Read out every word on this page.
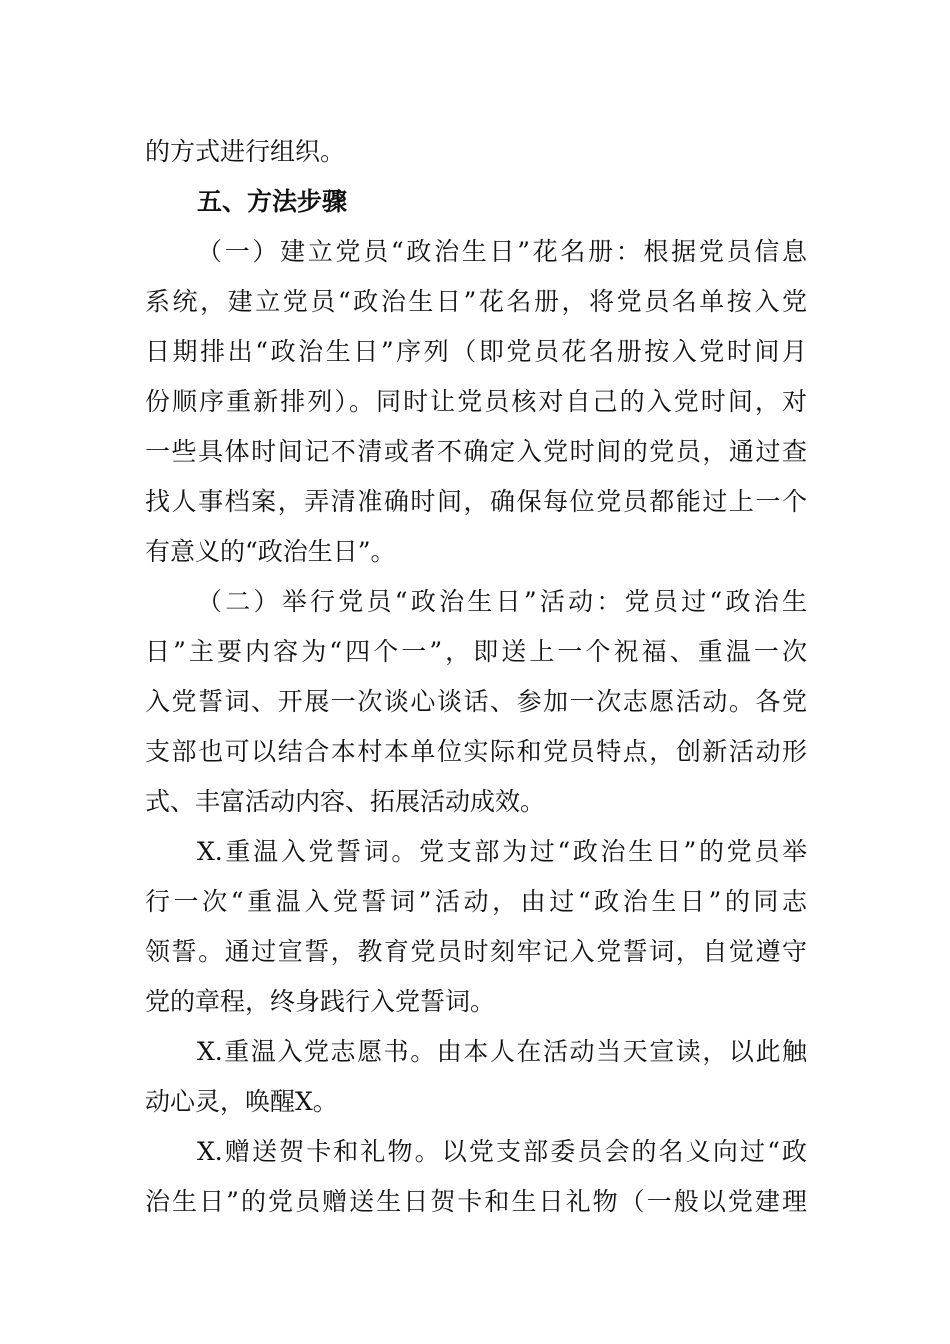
的方式进行组织。
五、方法步骤
（一）建立党员“政治生日”花名册：根据党员信息
系统，建立党员“政治生日”花名册，将党员名单按入党
日期排出“政治生日”序列（即党员花名册按入党时间月
份顺序重新排列）。同时让党员核对自己的入党时间，对
一些具体时间记不清或者不确定入党时间的党员，通过查
找人事档案，弄清准确时间，确保每位党员都能过上一个
有意义的“政治生日”。
（二）举行党员“政治生日”活动：党员过“政治生
日”主要内容为“四个一”，即送上一个祝福、重温一次
入党誓词、开展一次谈心谈话、参加一次志愿活动。各党
支部也可以结合本村本单位实际和党员特点，创新活动形
式、丰富活动内容、拓展活动成效。
X.重温入党誓词。党支部为过“政治生日”的党员举
行一次“重温入党誓词”活动，由过“政治生日”的同志
领誓。通过宣誓，教育党员时刻牢记入党誓词，自觉遵守
党的章程，终身践行入党誓词。
X.重温入党志愿书。由本人在活动当天宣读，以此触
动心灵，唤醒X。
X.赠送贺卡和礼物。以党支部委员会的名义向过“政
治生日”的党员赠送生日贺卡和生日礼物（一般以党建理
